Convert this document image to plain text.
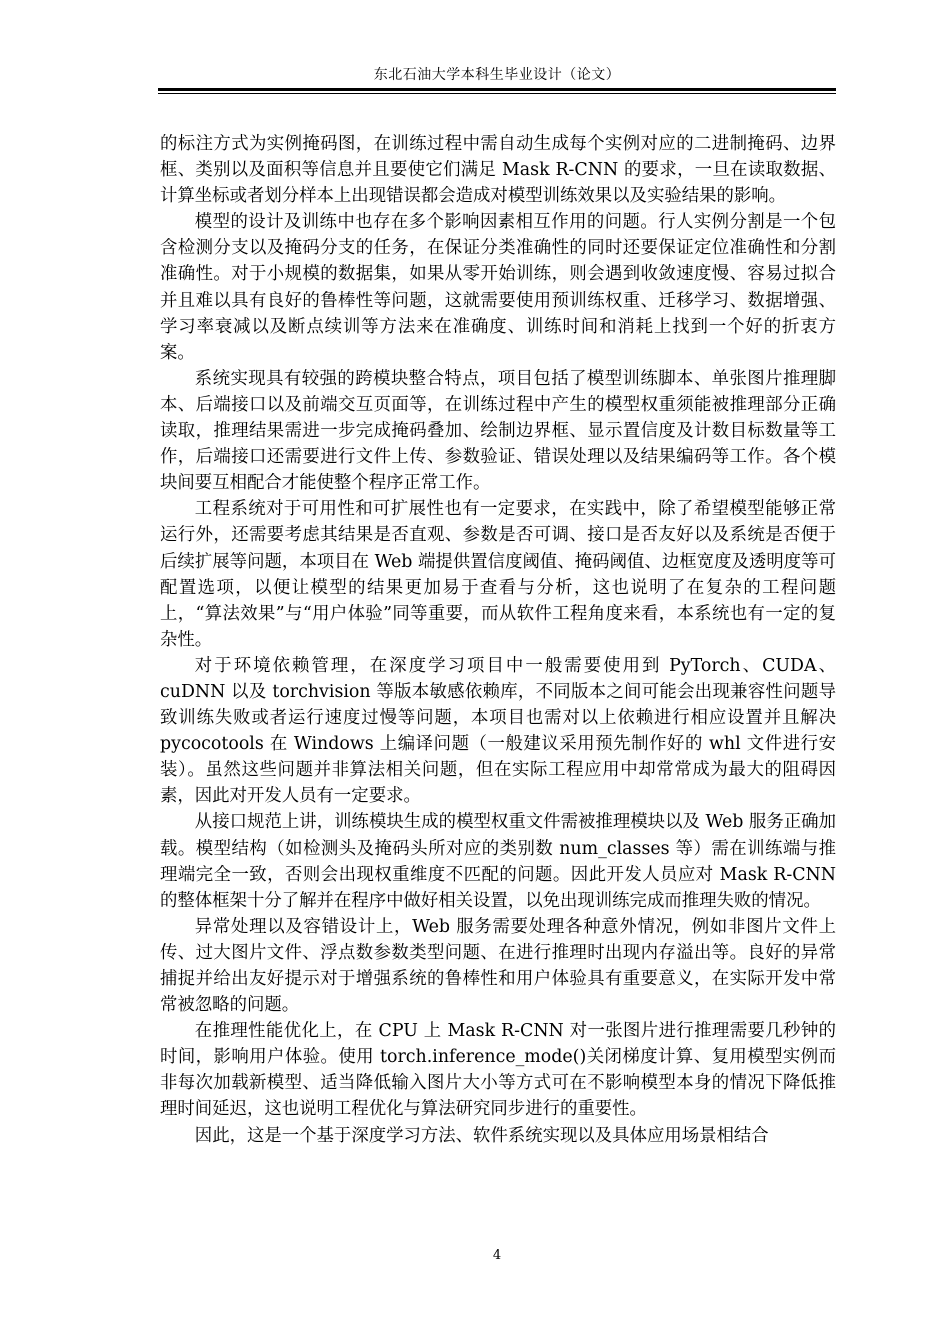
东北石油大学本科生毕业设计（论文）

的标注方式为实例掩码图，在训练过程中需自动生成每个实例对应的二进制掩码、边界框、类别以及面积等信息并且要使它们满足 Mask R-CNN 的要求，一旦在读取数据、计算坐标或者划分样本上出现错误都会造成对模型训练效果以及实验结果的影响。

模型的设计及训练中也存在多个影响因素相互作用的问题。行人实例分割是一个包含检测分支以及掩码分支的任务，在保证分类准确性的同时还要保证定位准确性和分割准确性。对于小规模的数据集，如果从零开始训练，则会遇到收敛速度慢、容易过拟合并且难以具有良好的鲁棒性等问题，这就需要使用预训练权重、迁移学习、数据增强、学习率衰减以及断点续训等方法来在准确度、训练时间和消耗上找到一个好的折衷方案。

系统实现具有较强的跨模块整合特点，项目包括了模型训练脚本、单张图片推理脚本、后端接口以及前端交互页面等，在训练过程中产生的模型权重须能被推理部分正确读取，推理结果需进一步完成掩码叠加、绘制边界框、显示置信度及计数目标数量等工作，后端接口还需要进行文件上传、参数验证、错误处理以及结果编码等工作。各个模块间要互相配合才能使整个程序正常工作。

工程系统对于可用性和可扩展性也有一定要求，在实践中，除了希望模型能够正常运行外，还需要考虑其结果是否直观、参数是否可调、接口是否友好以及系统是否便于后续扩展等问题，本项目在 Web 端提供置信度阈值、掩码阈值、边框宽度及透明度等可配置选项，以便让模型的结果更加易于查看与分析，这也说明了在复杂的工程问题上，“算法效果”与“用户体验”同等重要，而从软件工程角度来看，本系统也有一定的复杂性。

对于环境依赖管理，在深度学习项目中一般需要使用到 PyTorch、CUDA、cuDNN 以及 torchvision 等版本敏感依赖库，不同版本之间可能会出现兼容性问题导致训练失败或者运行速度过慢等问题，本项目也需对以上依赖进行相应设置并且解决 pycocotools 在 Windows 上编译问题（一般建议采用预先制作好的 whl 文件进行安装）。虽然这些问题并非算法相关问题，但在实际工程应用中却常常成为最大的阻碍因素，因此对开发人员有一定要求。

从接口规范上讲，训练模块生成的模型权重文件需被推理模块以及 Web 服务正确加载。模型结构（如检测头及掩码头所对应的类别数 num_classes 等）需在训练端与推理端完全一致，否则会出现权重维度不匹配的问题。因此开发人员应对 Mask R-CNN 的整体框架十分了解并在程序中做好相关设置，以免出现训练完成而推理失败的情况。

异常处理以及容错设计上，Web 服务需要处理各种意外情况，例如非图片文件上传、过大图片文件、浮点数参数类型问题、在进行推理时出现内存溢出等。良好的异常捕捉并给出友好提示对于增强系统的鲁棒性和用户体验具有重要意义，在实际开发中常常被忽略的问题。

在推理性能优化上，在 CPU 上 Mask R-CNN 对一张图片进行推理需要几秒钟的时间，影响用户体验。使用 torch.inference_mode()关闭梯度计算、复用模型实例而非每次加载新模型、适当降低输入图片大小等方式可在不影响模型本身的情况下降低推理时间延迟，这也说明工程优化与算法研究同步进行的重要性。

因此，这是一个基于深度学习方法、软件系统实现以及具体应用场景相结合

4
